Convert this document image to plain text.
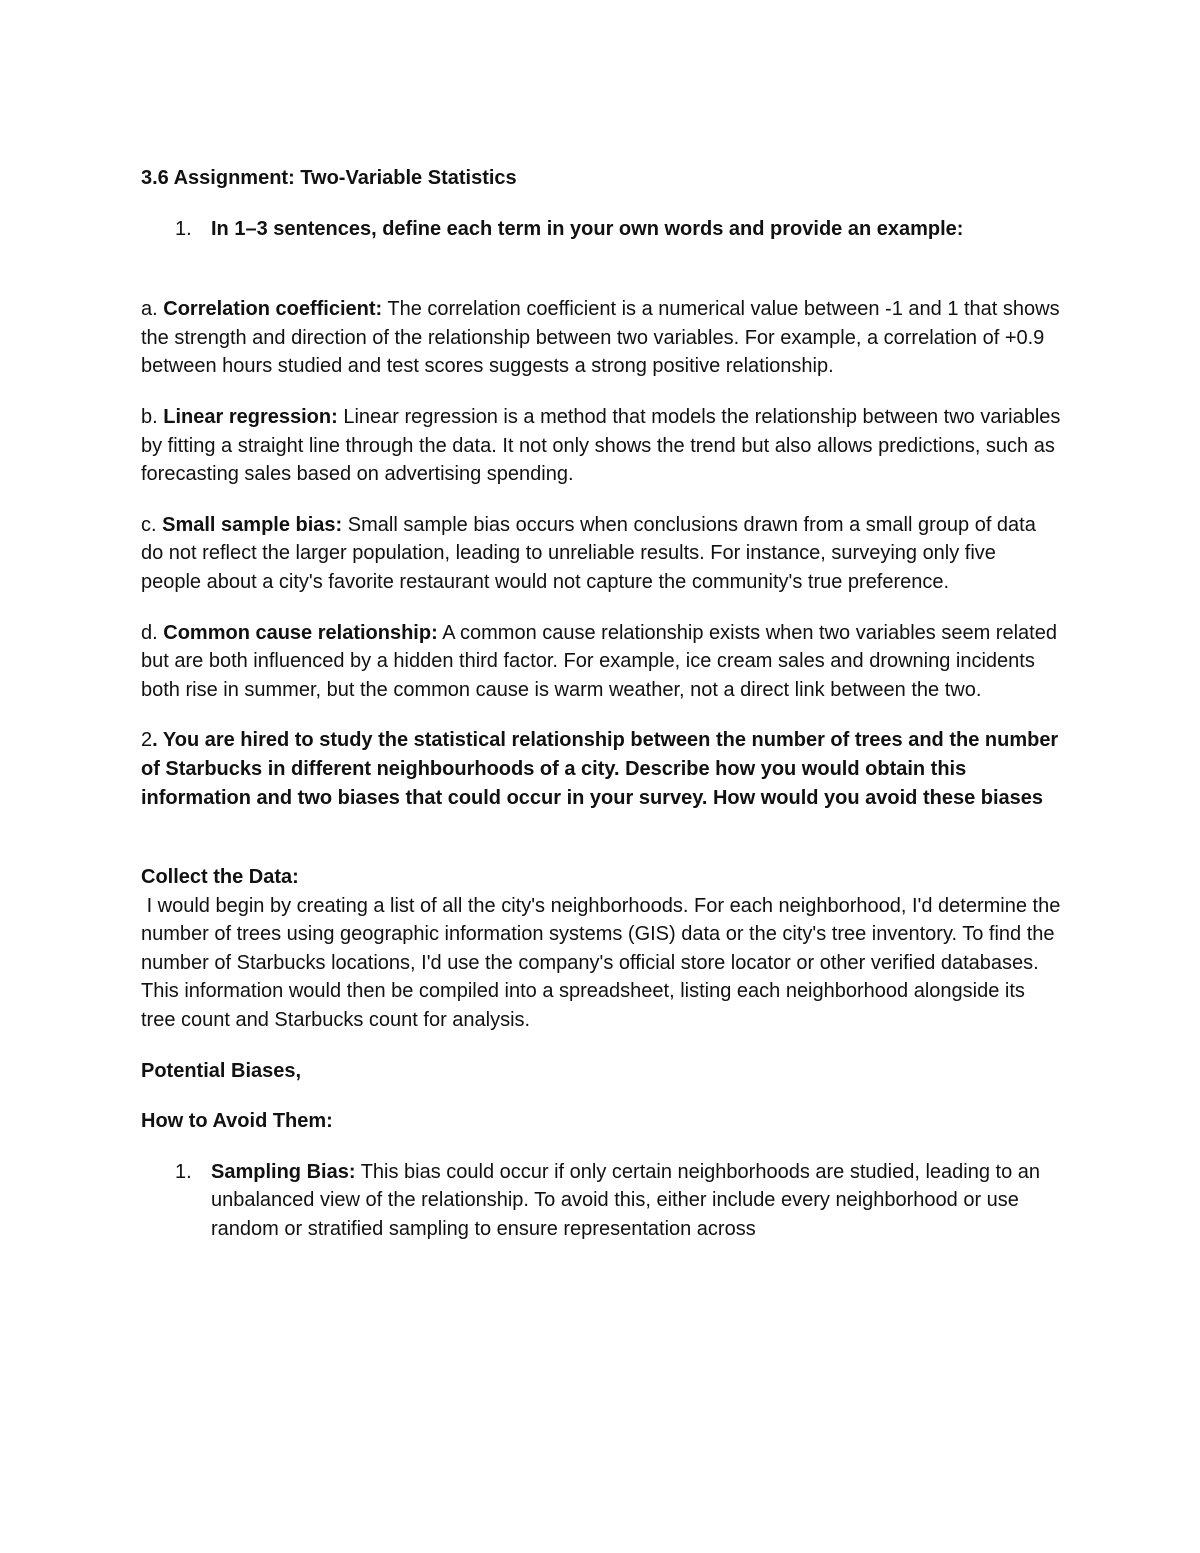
3.6 Assignment: Two-Variable Statistics

1. In 1–3 sentences, define each term in your own words and provide an example:

a. Correlation coefficient: The correlation coefficient is a numerical value between -1 and 1 that shows the strength and direction of the relationship between two variables. For example, a correlation of +0.9 between hours studied and test scores suggests a strong positive relationship.

b. Linear regression: Linear regression is a method that models the relationship between two variables by fitting a straight line through the data. It not only shows the trend but also allows predictions, such as forecasting sales based on advertising spending.

c. Small sample bias: Small sample bias occurs when conclusions drawn from a small group of data do not reflect the larger population, leading to unreliable results. For instance, surveying only five people about a city's favorite restaurant would not capture the community's true preference.

d. Common cause relationship: A common cause relationship exists when two variables seem related but are both influenced by a hidden third factor. For example, ice cream sales and drowning incidents both rise in summer, but the common cause is warm weather, not a direct link between the two.

2. You are hired to study the statistical relationship between the number of trees and the number of Starbucks in different neighbourhoods of a city. Describe how you would obtain this information and two biases that could occur in your survey. How would you avoid these biases

Collect the Data:

I would begin by creating a list of all the city's neighborhoods. For each neighborhood, I'd determine the number of trees using geographic information systems (GIS) data or the city's tree inventory. To find the number of Starbucks locations, I'd use the company's official store locator or other verified databases. This information would then be compiled into a spreadsheet, listing each neighborhood alongside its tree count and Starbucks count for analysis.

Potential Biases,

How to Avoid Them:

1. Sampling Bias: This bias could occur if only certain neighborhoods are studied, leading to an unbalanced view of the relationship. To avoid this, either include every neighborhood or use random or stratified sampling to ensure representation across
